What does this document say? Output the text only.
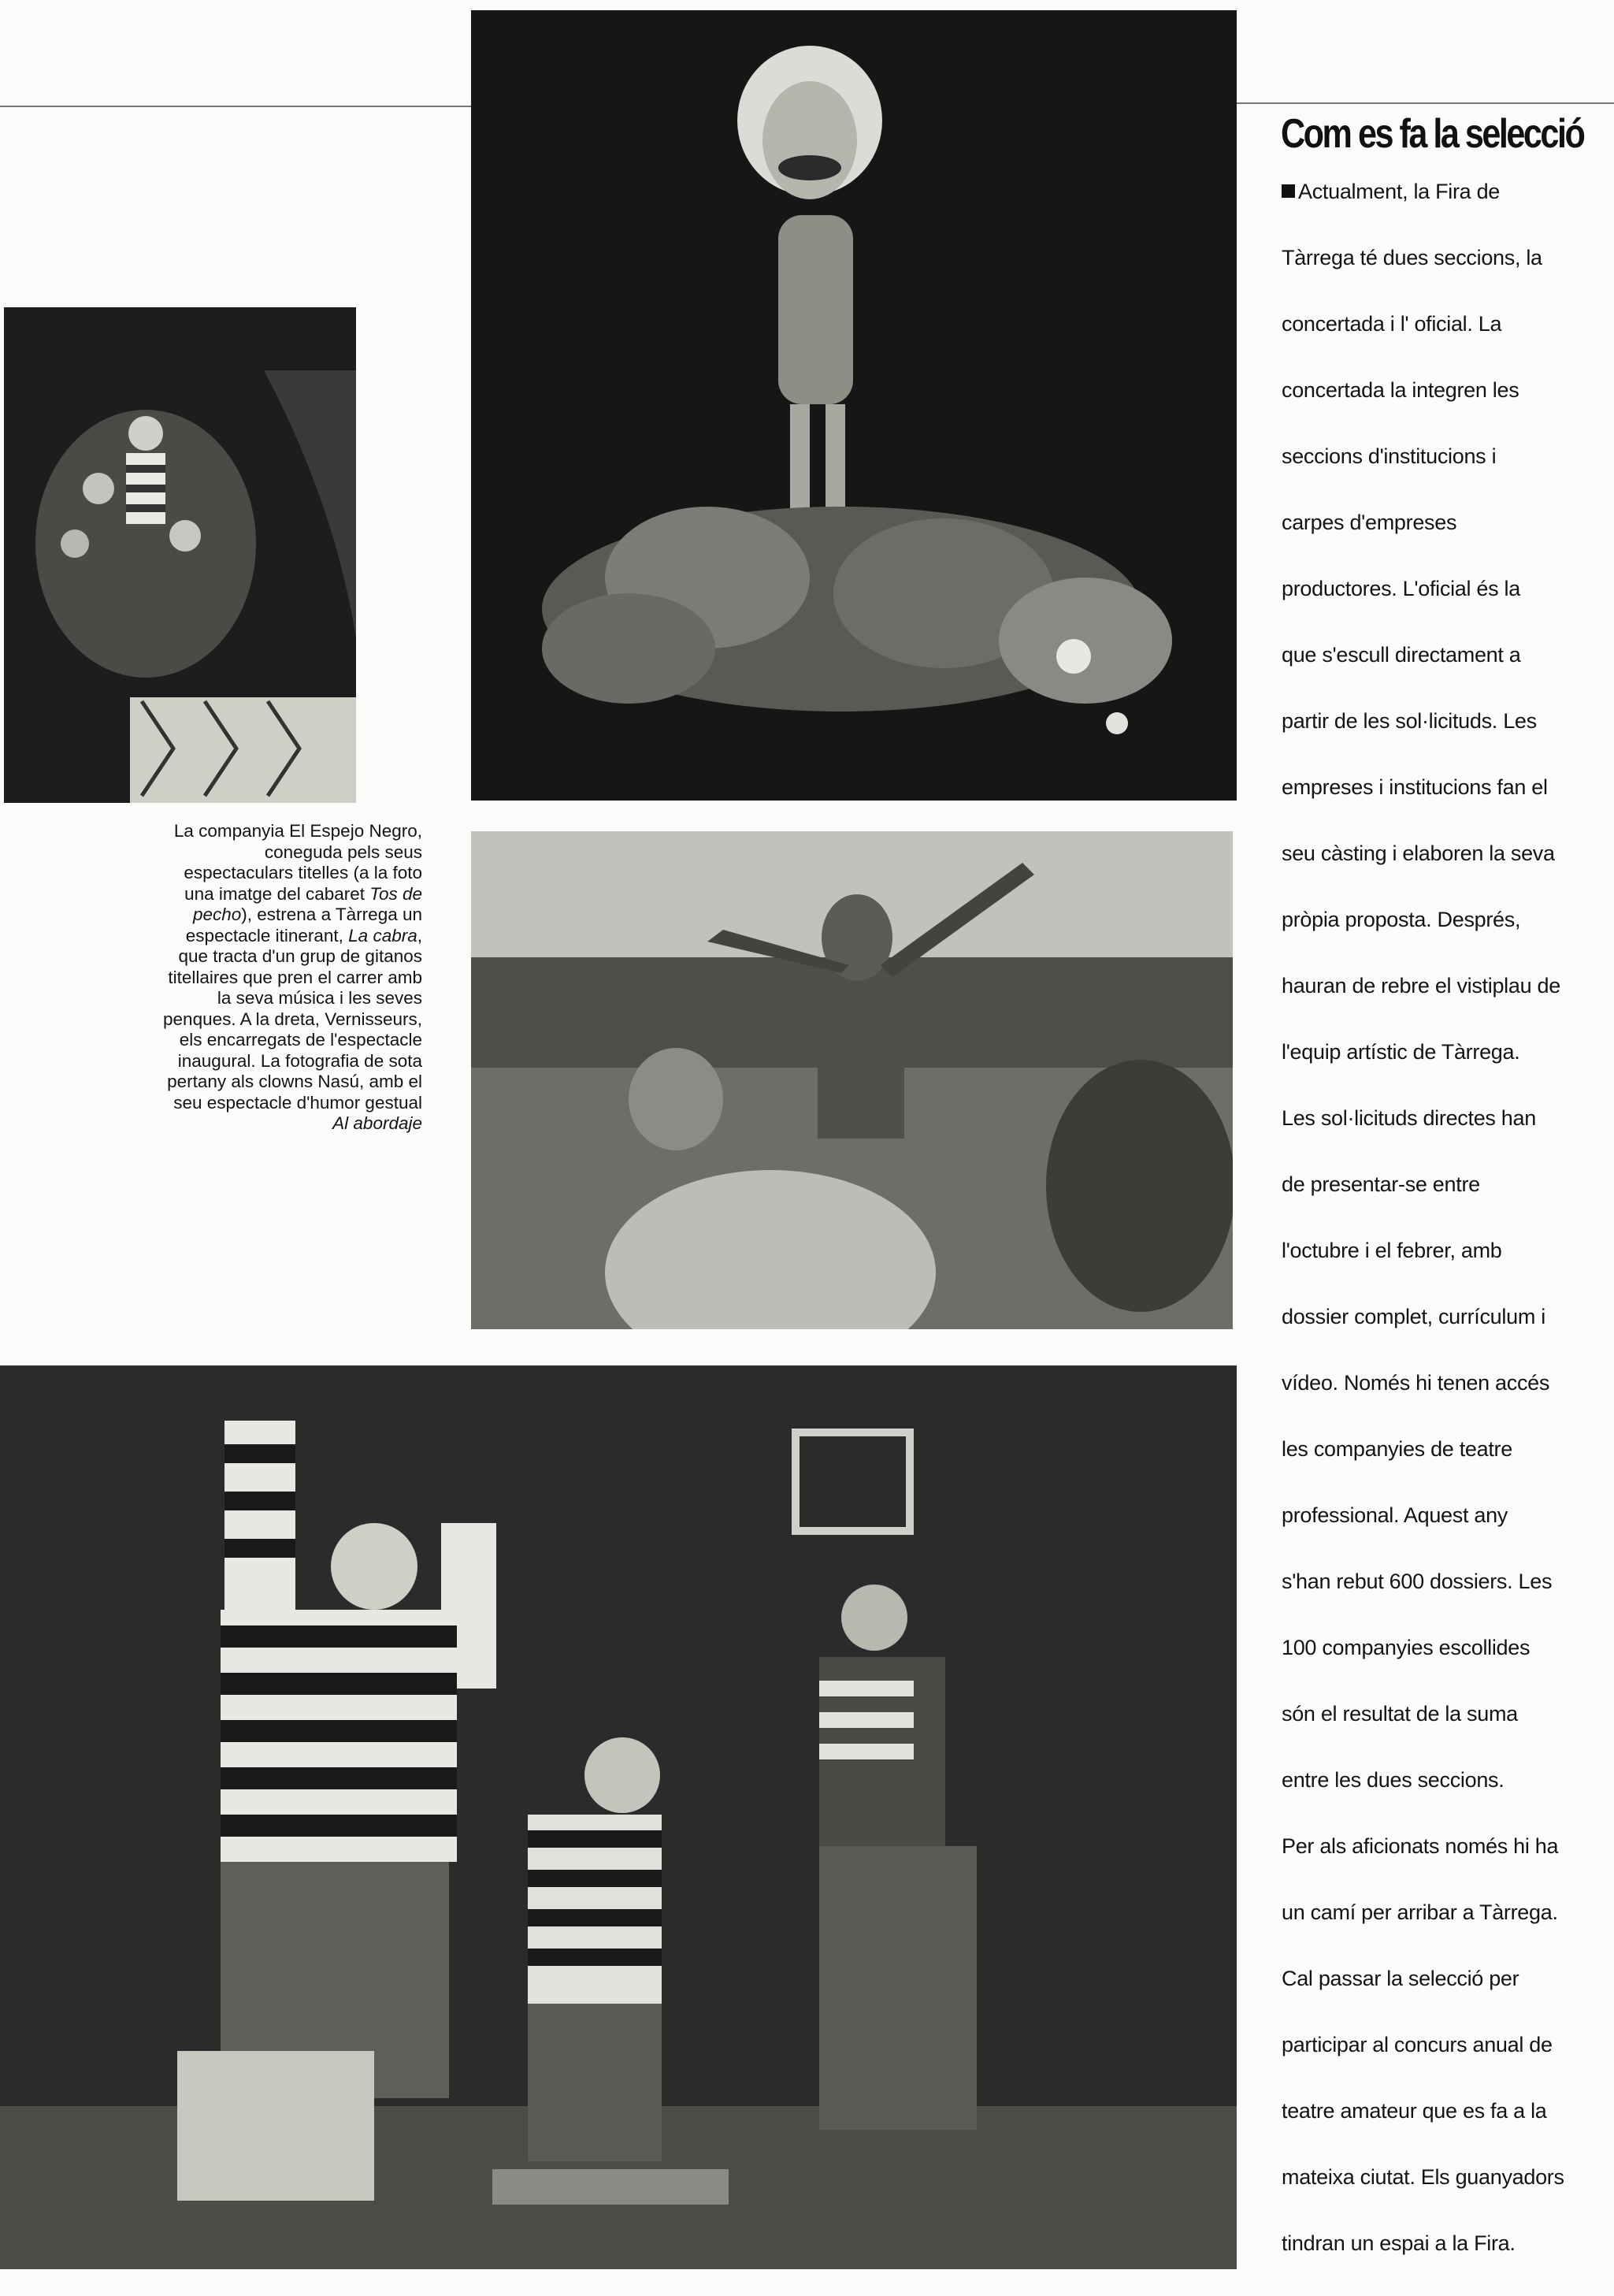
La companyia El Espejo Negro, coneguda pels seus espectaculars titelles (a la foto una imatge del cabaret Tos de pecho), estrena a Tàrrega un espectacle itinerant, La cabra, que tracta d'un grup de gitanos titellaires que pren el carrer amb la seva música i les seves penques. A la dreta, Vernisseurs, els encarregats de l'espectacle inaugural. La fotografia de sota pertany als clowns Nasú, amb el seu espectacle d'humor gestual Al abordaje
Com es fa la selecció
Actualment, la Fira de
Tàrrega té dues seccions, la
concertada i l' oficial. La
concertada la integren les
seccions d'institucions i
carpes d'empreses
productores. L'oficial és la
que s'escull directament a
partir de les sol·licituds. Les
empreses i institucions fan el
seu càsting i elaboren la seva
pròpia proposta. Després,
hauran de rebre el vistiplau de
l'equip artístic de Tàrrega.
Les sol·licituds directes han
de presentar-se entre
l'octubre i el febrer, amb
dossier complet, currículum i
vídeo. Només hi tenen accés
les companyies de teatre
professional. Aquest any
s'han rebut 600 dossiers. Les
100 companyies escollides
són el resultat de la suma
entre les dues seccions.
Per als aficionats només hi ha
un camí per arribar a Tàrrega.
Cal passar la selecció per
participar al concurs anual de
teatre amateur que es fa a la
mateixa ciutat. Els guanyadors
tindran un espai a la Fira.
